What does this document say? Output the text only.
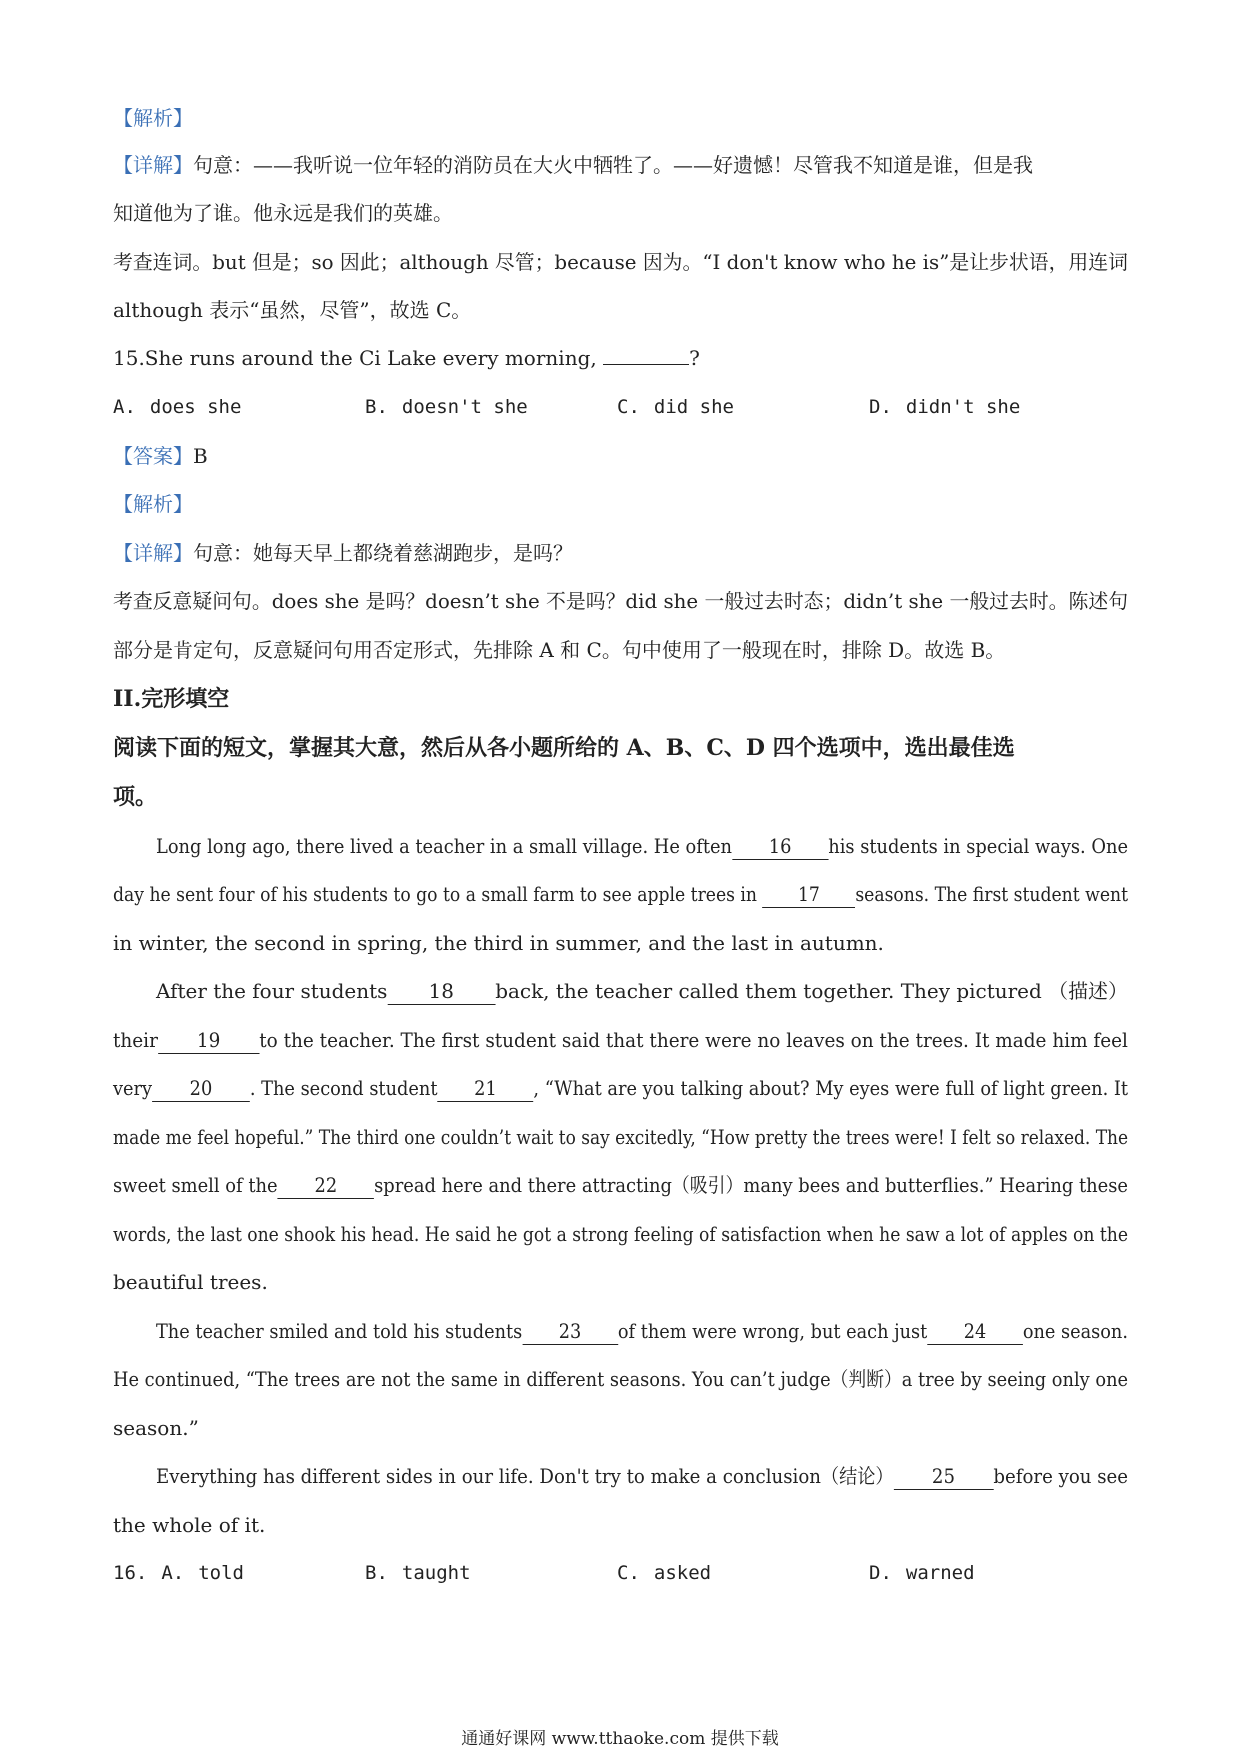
【解析】
【详解】句意：——我听说一位年轻的消防员在大火中牺牲了。——好遗憾！尽管我不知道是谁，但是我
知道他为了谁。他永远是我们的英雄。
考查连词。but 但是；so 因此；although 尽管；because 因为。“I don't know who he is”是让步状语，用连词
although 表示“虽然，尽管”，故选 C。
15.She runs around the Ci Lake every morning,	?
A. does she	B. doesn't she	C. did she	D. didn't she
【答案】B
【解析】
【详解】句意：她每天早上都绕着慈湖跑步，是吗？
考查反意疑问句。does she 是吗？doesn’t she 不是吗？did she 一般过去时态；didn’t she 一般过去时。陈述句
部分是肯定句，反意疑问句用否定形式，先排除 A 和 C。句中使用了一般现在时，排除 D。故选 B。
II.完形填空
阅读下面的短文，掌握其大意，然后从各小题所给的 A、B、C、D 四个选项中，选出最佳选
项。
Long long ago, there lived a teacher in a small village. He often 16 his students in special ways. One
day he sent four of his students to go to a small farm to see apple trees in 17 seasons. The first student went
in winter, the second in spring, the third in summer, and the last in autumn.
After the four students 18 back, the teacher called them together. They pictured （描述）
their 19 to the teacher. The first student said that there were no leaves on the trees. It made him feel
very 20 . The second student 21 , “What are you talking about? My eyes were full of light green. It
made me feel hopeful.” The third one couldn’t wait to say excitedly, “How pretty the trees were! I felt so relaxed. The
sweet smell of the 22 spread here and there attracting（吸引）many bees and butterflies.” Hearing these
words, the last one shook his head. He said he got a strong feeling of satisfaction when he saw a lot of apples on the
beautiful trees.
The teacher smiled and told his students 23 of them were wrong, but each just 24 one season.
He continued, “The trees are not the same in different seasons. You can’t judge（判断）a tree by seeing only one
season.”
Everything has different sides in our life. Don't try to make a conclusion（结论） 25 before you see
the whole of it.
16. A. told	B. taught	C. asked	D. warned
通通好课网 www.tthaoke.com 提供下载
